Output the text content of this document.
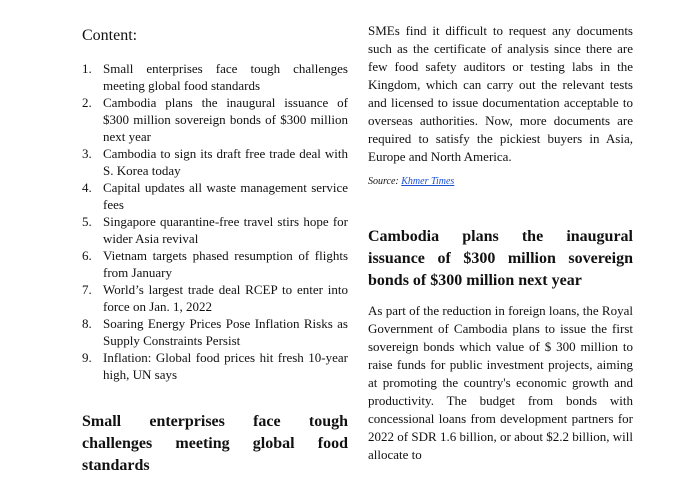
Content:
1. Small enterprises face tough challenges meeting global food standards
2. Cambodia plans the inaugural issuance of $300 million sovereign bonds of $300 million next year
3. Cambodia to sign its draft free trade deal with S. Korea today
4. Capital updates all waste management service fees
5. Singapore quarantine-free travel stirs hope for wider Asia revival
6. Vietnam targets phased resumption of flights from January
7. World’s largest trade deal RCEP to enter into force on Jan. 1, 2022
8. Soaring Energy Prices Pose Inflation Risks as Supply Constraints Persist
9. Inflation: Global food prices hit fresh 10-year high, UN says
Small enterprises face tough challenges meeting global food standards

SMEs find it difficult to request any documents such as the certificate of analysis since there are few food safety auditors or testing labs in the Kingdom, which can carry out the relevant tests and licensed to issue documentation acceptable to overseas authorities. Now, more documents are required to satisfy the pickiest buyers in Asia, Europe and North America.

Source: Khmer Times
Cambodia plans the inaugural issuance of $300 million sovereign bonds of $300 million next year

As part of the reduction in foreign loans, the Royal Government of Cambodia plans to issue the first sovereign bonds which value of $ 300 million to raise funds for public investment projects, aiming at promoting the country's economic growth and productivity. The budget from bonds with concessional loans from development partners for 2022 of SDR 1.6 billion, or about $2.2 billion, will allocate to
